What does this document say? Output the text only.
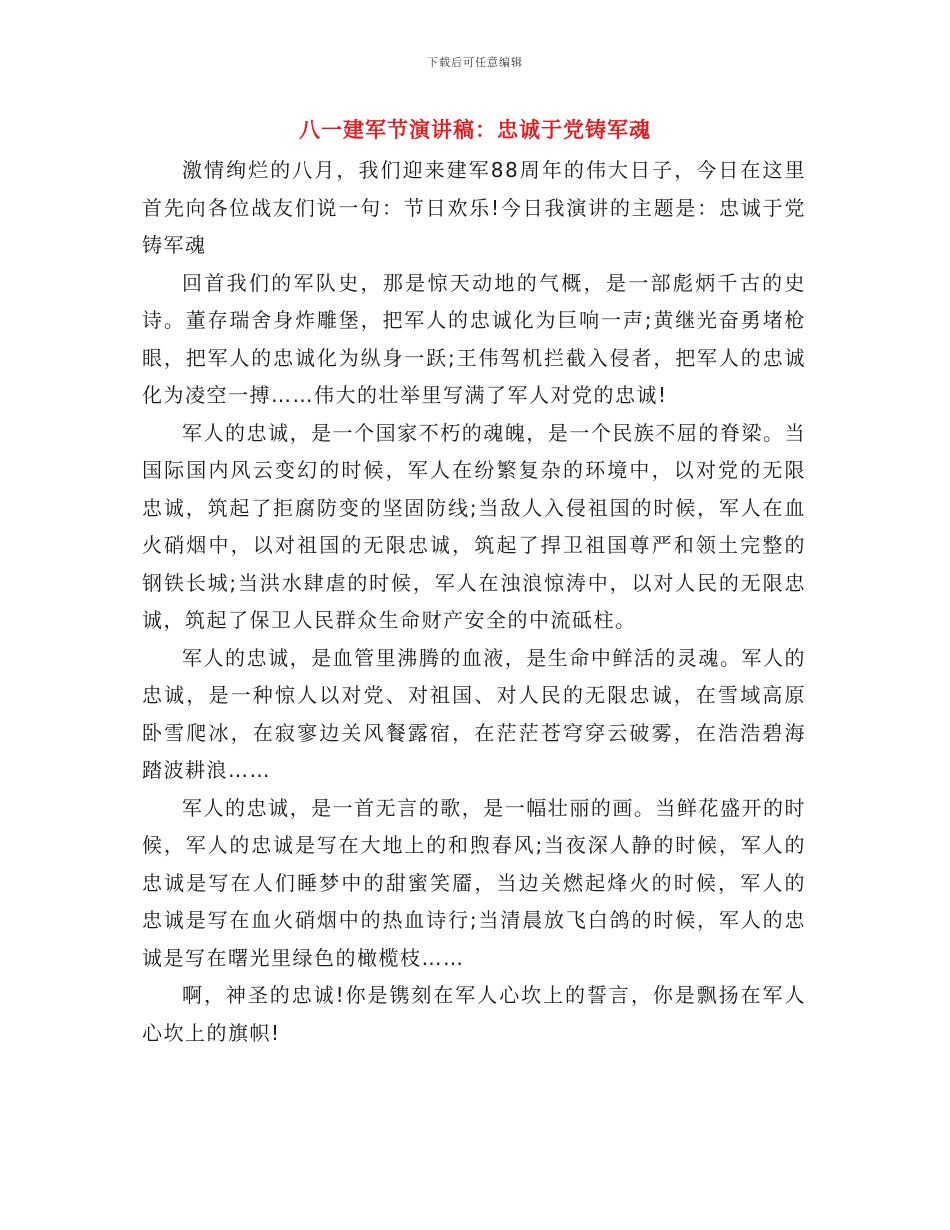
下载后可任意编辑
八一建军节演讲稿：忠诚于党铸军魂

激情绚烂的八月，我们迎来建军88周年的伟大日子，今日在这里首先向各位战友们说一句：节日欢乐!今日我演讲的主题是：忠诚于党铸军魂

回首我们的军队史，那是惊天动地的气概，是一部彪炳千古的史诗。董存瑞舍身炸雕堡，把军人的忠诚化为巨响一声;黄继光奋勇堵枪眼，把军人的忠诚化为纵身一跃;王伟驾机拦截入侵者，把军人的忠诚化为凌空一搏……伟大的壮举里写满了军人对党的忠诚!

军人的忠诚，是一个国家不朽的魂魄，是一个民族不屈的脊梁。当国际国内风云变幻的时候，军人在纷繁复杂的环境中，以对党的无限忠诚，筑起了拒腐防变的坚固防线;当敌人入侵祖国的时候，军人在血火硝烟中，以对祖国的无限忠诚，筑起了捍卫祖国尊严和领土完整的钢铁长城;当洪水肆虐的时候，军人在浊浪惊涛中，以对人民的无限忠诚，筑起了保卫人民群众生命财产安全的中流砥柱。

军人的忠诚，是血管里沸腾的血液，是生命中鲜活的灵魂。军人的忠诚，是一种惊人以对党、对祖国、对人民的无限忠诚，在雪域高原卧雪爬冰，在寂寥边关风餐露宿，在茫茫苍穹穿云破雾，在浩浩碧海踏波耕浪……

军人的忠诚，是一首无言的歌，是一幅壮丽的画。当鲜花盛开的时候，军人的忠诚是写在大地上的和煦春风;当夜深人静的时候，军人的忠诚是写在人们睡梦中的甜蜜笑靥，当边关燃起烽火的时候，军人的忠诚是写在血火硝烟中的热血诗行;当清晨放飞白鸽的时候，军人的忠诚是写在曙光里绿色的橄榄枝……

啊，神圣的忠诚!你是镌刻在军人心坎上的誓言，你是飘扬在军人心坎上的旗帜!
